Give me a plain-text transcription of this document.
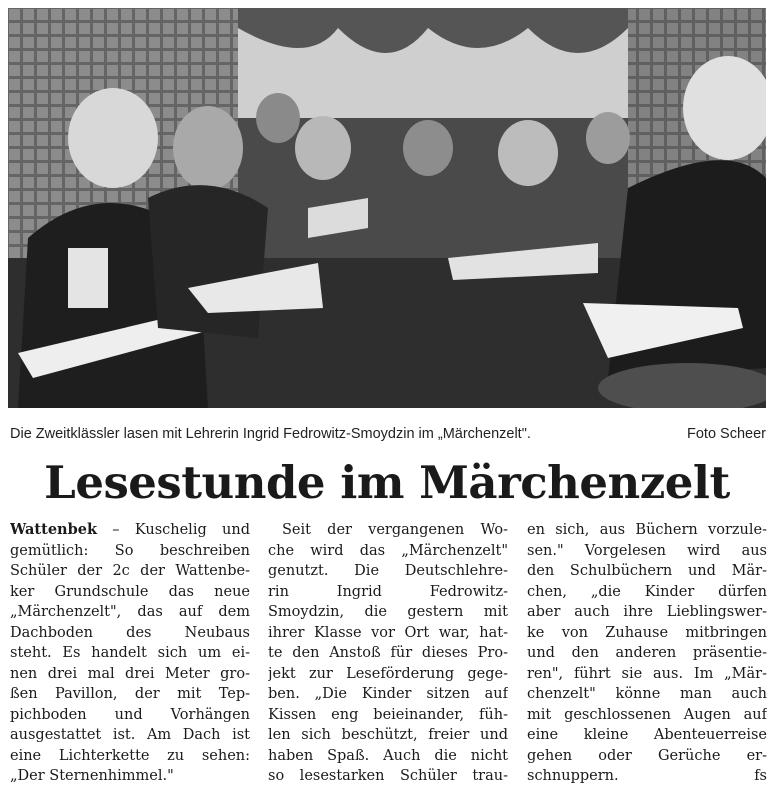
Die Zweitklässler lasen mit Lehrerin Ingrid Fedrowitz-Smoydzin im „Märchenzelt".	Foto Scheer
Lesestunde im Märchenzelt
Wattenbek – Kuschelig und
gemütlich: So beschreiben
Schüler der 2c der Wattenbe-
ker Grundschule das neue
„Märchenzelt", das auf dem
Dachboden des Neubaus
steht. Es handelt sich um ei-
nen drei mal drei Meter gro-
ßen Pavillon, der mit Tep-
pichboden und Vorhängen
ausgestattet ist. Am Dach ist
eine Lichterkette zu sehen:
„Der Sternenhimmel."
Seit der vergangenen Wo-
che wird das „Märchenzelt"
genutzt. Die Deutschlehre-
rin Ingrid Fedrowitz-
Smoydzin, die gestern mit
ihrer Klasse vor Ort war, hat-
te den Anstoß für dieses Pro-
jekt zur Leseförderung gege-
ben. „Die Kinder sitzen auf
Kissen eng beieinander, füh-
len sich beschützt, freier und
haben Spaß. Auch die nicht
so lesestarken Schüler trau-
en sich, aus Büchern vorzule-
sen." Vorgelesen wird aus
den Schulbüchern und Mär-
chen, „die Kinder dürfen
aber auch ihre Lieblingswer-
ke von Zuhause mitbringen
und den anderen präsentie-
ren", führt sie aus. Im „Mär-
chenzelt" könne man auch
mit geschlossenen Augen auf
eine kleine Abenteuerreise
gehen oder Gerüche er-
schnuppern.	fs
